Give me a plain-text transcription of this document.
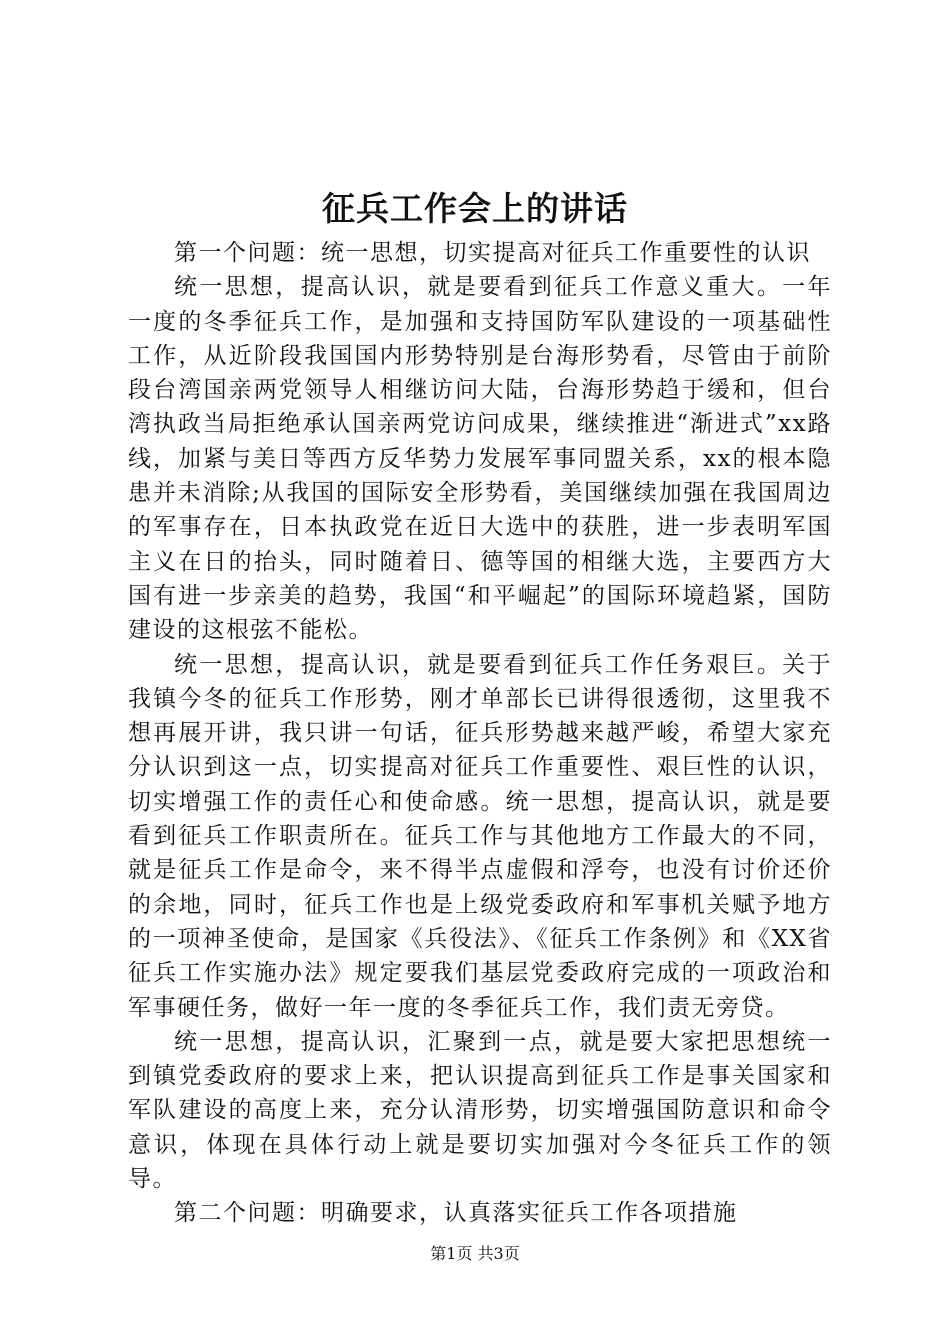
征兵工作会上的讲话

第一个问题：统一思想，切实提高对征兵工作重要性的认识

统一思想，提高认识，就是要看到征兵工作意义重大。一年一度的冬季征兵工作，是加强和支持国防军队建设的一项基础性工作，从近阶段我国国内形势特别是台海形势看，尽管由于前阶段台湾国亲两党领导人相继访问大陆，台海形势趋于缓和，但台湾执政当局拒绝承认国亲两党访问成果，继续推进“渐进式”xx路线，加紧与美日等西方反华势力发展军事同盟关系，xx的根本隐患并未消除;从我国的国际安全形势看，美国继续加强在我国周边的军事存在，日本执政党在近日大选中的获胜，进一步表明军国主义在日的抬头，同时随着日、德等国的相继大选，主要西方大国有进一步亲美的趋势，我国“和平崛起”的国际环境趋紧，国防建设的这根弦不能松。

统一思想，提高认识，就是要看到征兵工作任务艰巨。关于我镇今冬的征兵工作形势，刚才单部长已讲得很透彻，这里我不想再展开讲，我只讲一句话，征兵形势越来越严峻，希望大家充分认识到这一点，切实提高对征兵工作重要性、艰巨性的认识，切实增强工作的责任心和使命感。统一思想，提高认识，就是要看到征兵工作职责所在。征兵工作与其他地方工作最大的不同，就是征兵工作是命令，来不得半点虚假和浮夸，也没有讨价还价的余地，同时，征兵工作也是上级党委政府和军事机关赋予地方的一项神圣使命，是国家《兵役法》、《征兵工作条例》和《XX省征兵工作实施办法》规定要我们基层党委政府完成的一项政治和军事硬任务，做好一年一度的冬季征兵工作，我们责无旁贷。

统一思想，提高认识，汇聚到一点，就是要大家把思想统一到镇党委政府的要求上来，把认识提高到征兵工作是事关国家和军队建设的高度上来，充分认清形势，切实增强国防意识和命令意识，体现在具体行动上就是要切实加强对今冬征兵工作的领导。

第二个问题：明确要求，认真落实征兵工作各项措施

第1页 共3页
